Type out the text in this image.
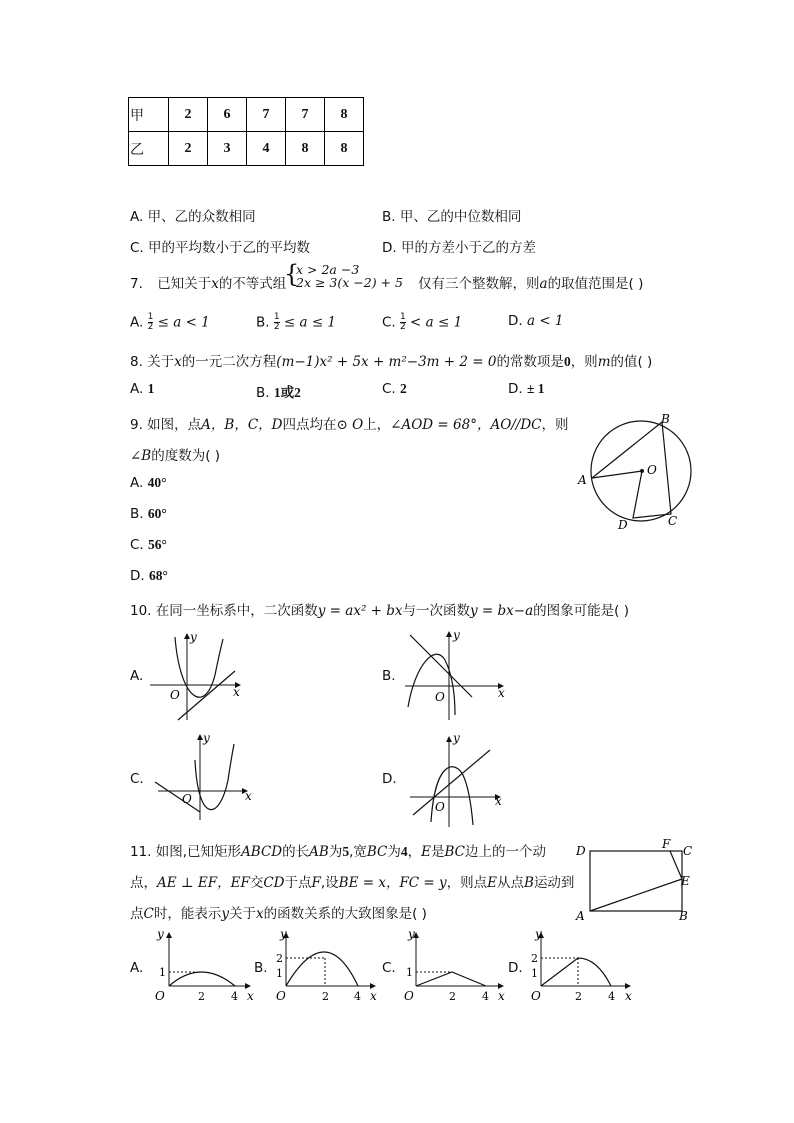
甲	2	6	7	7	8
乙	2	3	4	8	8
A. 甲、乙的众数相同	B. 甲、乙的中位数相同
C. 甲的平均数小于乙的平均数	D. 甲的方差小于乙的方差
7. 已知关于x的不等式组
{
x > 2a −3
2x ≥ 3(x −2) + 5 仅有三个整数解，则a的取值范围是( )
A. $\frac{1}{2} \le a < 1$	B. $\frac{1}{2} \le a \le 1$	C. $\frac{1}{2} < a \le 1$	D. a < 1
8. 关于x的一元二次方程(m−1)x² + 5x + m²−3m + 2 = 0的常数项是0，则m的值( )
A. 1	B. 1或2	C. 2	D. ± 1
9. 如图，点A，B，C，D四点均在⊙ O上，∠AOD = 68°，AO//DC，则
∠B的度数为( )
A. 40°
B. 60°
C. 56°
D. 68°
A
B
C
D
O
10. 在同一坐标系中，二次函数y = ax² + bx与一次函数y = bx−a的图象可能是( )
A.
O	x
y
B.
O	x
y
C.
O	x
y
D.
O	x
y
11. 如图,已知矩形ABCD的长AB为5,宽BC为4，E是BC边上的一个动
点，AE ⊥ EF，EF交CD于点F,设BE = x，FC = y，则点E从点B运动到
点C时，能表示y关于x的函数关系的大致图象是( )	A	B
C
D
E
F
A.
y
x
O
1
2 4
B.
y
x
O
2
1
2 4
C.
y
x
O
1
2 4
D.
y
x
O
2
1
2 4
